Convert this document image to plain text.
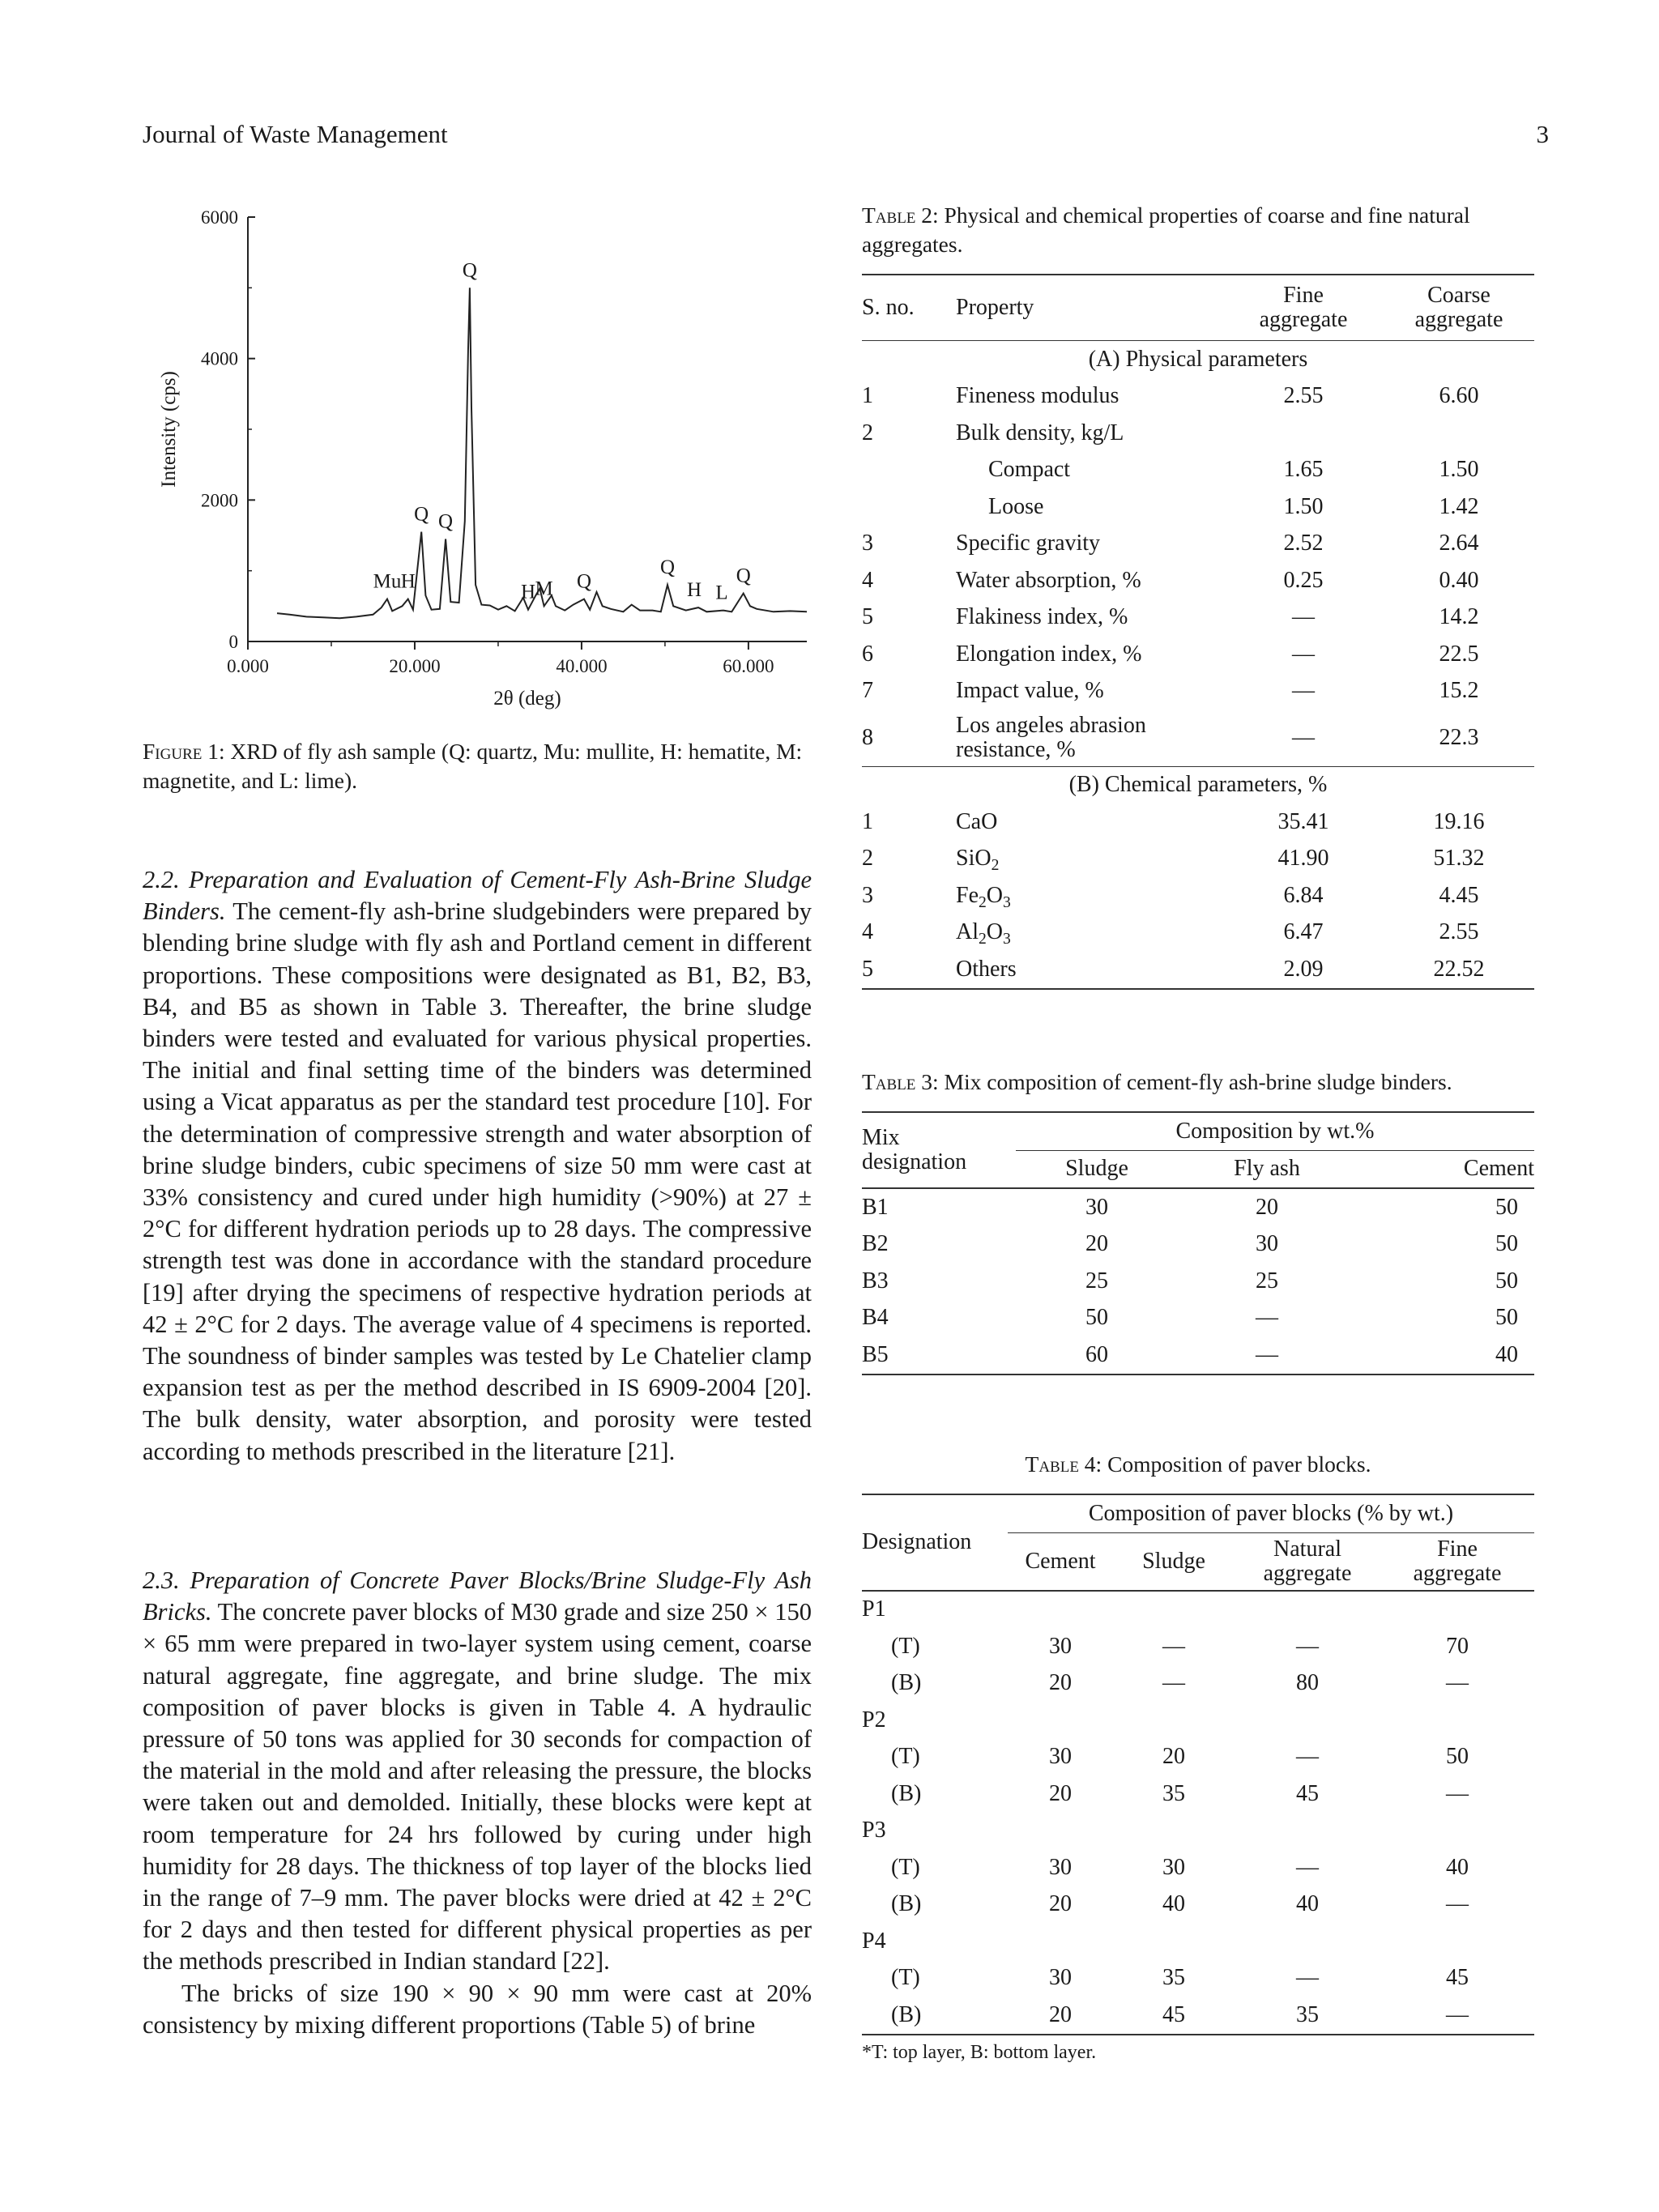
Journal of Waste Management	3
0
2000
4000
6000
0.000	20.000	40.000	60.000
2θ (deg)
Intensity (cps)
Mu H
Q Q
Q
H M Q
Q
H L
Q

Figure 1: XRD of fly ash sample (Q: quartz, Mu: mullite, H: hematite, M: magnetite, and L: lime).

2.2. Preparation and Evaluation of Cement-Fly Ash-Brine Sludge Binders. The cement-fly ash-brine sludgebinders were prepared by blending brine sludge with fly ash and Portland cement in different proportions. These compositions were designated as B1, B2, B3, B4, and B5 as shown in Table 3. Thereafter, the brine sludge binders were tested and evaluated for various physical properties. The initial and final setting time of the binders was determined using a Vicat apparatus as per the standard test procedure [10]. For the determination of compressive strength and water absorption of brine sludge binders, cubic specimens of size 50 mm were cast at 33% consistency and cured under high humidity (>90%) at 27 ± 2°C for different hydration periods up to 28 days. The compressive strength test was done in accordance with the standard procedure [19] after drying the specimens of respective hydration periods at 42 ± 2°C for 2 days. The average value of 4 specimens is reported. The soundness of binder samples was tested by Le Chatelier clamp expansion test as per the method described in IS 6909-2004 [20]. The bulk density, water absorption, and porosity were tested according to methods prescribed in the literature [21].

2.3. Preparation of Concrete Paver Blocks/Brine Sludge-Fly Ash Bricks. The concrete paver blocks of M30 grade and size 250 × 150 × 65 mm were prepared in two-layer system using cement, coarse natural aggregate, fine aggregate, and brine sludge. The mix composition of paver blocks is given in Table 4. A hydraulic pressure of 50 tons was applied for 30 seconds for compaction of the material in the mold and after releasing the pressure, the blocks were taken out and demolded. Initially, these blocks were kept at room temperature for 24 hrs followed by curing under high humidity for 28 days. The thickness of top layer of the blocks lied in the range of 7–9 mm. The paver blocks were dried at 42 ± 2°C for 2 days and then tested for different physical properties as per the methods prescribed in Indian standard [22].

The bricks of size 190 × 90 × 90 mm were cast at 20% consistency by mixing different proportions (Table 5) of brine

Table 2: Physical and chemical properties of coarse and fine natural aggregates.

S. no.	Property	Fine aggregate	Coarse aggregate
(A) Physical parameters			
1	Fineness modulus	2.55	6.60
2	Bulk density, kg/L		
	Compact	1.65	1.50
	Loose	1.50	1.42
3	Specific gravity	2.52	2.64
4	Water absorption, %	0.25	0.40
5	Flakiness index, %	—	14.2
6	Elongation index, %	—	22.5
7	Impact value, %	—	15.2
8	Los angeles abrasion resistance, %	—	22.3
(B) Chemical parameters, %			
1	CaO	35.41	19.16
2	SiO$_2$	41.90	51.32
3	$Fe_2O_3$	6.84	4.45
4	$Al_2O_3$	6.47	2.55
5	Others	2.09	22.52

Table 3: Mix composition of cement-fly ash-brine sludge binders.

Mix designation	Composition by wt.%		
	Sludge	Fly ash	Cement
B1	30	20	50
B2	20	30	50
B3	25	25	50
B4	50	—	50
B5	60	—	40

Table 4: Composition of paver blocks.

Designation	Composition of paver blocks (% by wt.)			
	Cement	Sludge	Natural aggregate	Fine aggregate
P1				
(T)	30	—	—	70
(B)	20	—	80	—
P2				
(T)	30	20	—	50
(B)	20	35	45	—
P3				
(T)	30	30	—	40
(B)	20	40	40	—
P4				
(T)	30	35	—	45
(B)	20	45	35	—
*T: top layer, B: bottom layer.
